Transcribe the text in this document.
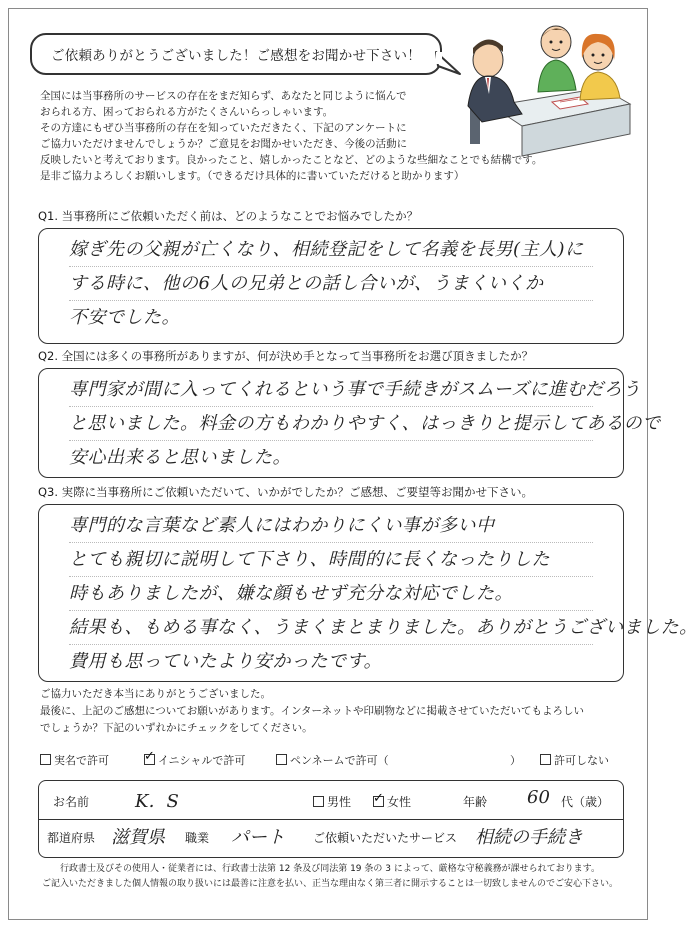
ご依頼ありがとうございました！ご感想をお聞かせ下さい！
全国には当事務所のサービスの存在をまだ知らず、あなたと同じように悩んで
おられる方、困っておられる方がたくさんいらっしゃいます。
その方達にもぜひ当事務所の存在を知っていただきたく、下記のアンケートに
ご協力いただけませんでしょうか？ご意見をお聞かせいただき、今後の活動に
反映したいと考えております。良かったこと、嬉しかったことなど、どのような些細なことでも結構です。
是非ご協力よろしくお願いします。（できるだけ具体的に書いていただけると助かります）
Q1. 当事務所にご依頼いただく前は、どのようなことでお悩みでしたか？
嫁ぎ先の父親が亡くなり、相続登記をして名義を長男(主人)に
する時に、他の6人の兄弟との話し合いが、うまくいくか
不安でした。
Q2. 全国には多くの事務所がありますが、何が決め手となって当事務所をお選び頂きましたか？
専門家が間に入ってくれるという事で手続きがスムーズに進むだろう
と思いました。料金の方もわかりやすく、はっきりと提示してあるので
安心出来ると思いました。
Q3. 実際に当事務所にご依頼いただいて、いかがでしたか？ご感想、ご要望等お聞かせ下さい。
専門的な言葉など素人にはわかりにくい事が多い中
とても親切に説明して下さり、時間的に長くなったりした
時もありましたが、嫌な顔もせず充分な対応でした。
結果も、もめる事なく、うまくまとまりました。ありがとうございました。
費用も思っていたより安かったです。
ご協力いただき本当にありがとうございました。
最後に、上記のご感想についてお願いがあります。インターネットや印刷物などに掲載させていただいてもよろしい
でしょうか？下記のいずれかにチェックをしてください。
実名で許可 ✓	イニシャルで許可	ペンネームで許可（	）	許可しない
お名前	K．S	男性 ✓	女性	年齢 60 代（歳）
都道府県 滋賀県 職業 パート ご依頼いただいたサービス 相続の手続き
行政書士及びその使用人・従業者には、行政書士法第 12 条及び同法第 19 条の 3 によって、厳格な守秘義務が課せられております。
ご記入いただきました個人情報の取り扱いには最善に注意を払い、正当な理由なく第三者に開示することは一切致しませんのでご安心下さい。
